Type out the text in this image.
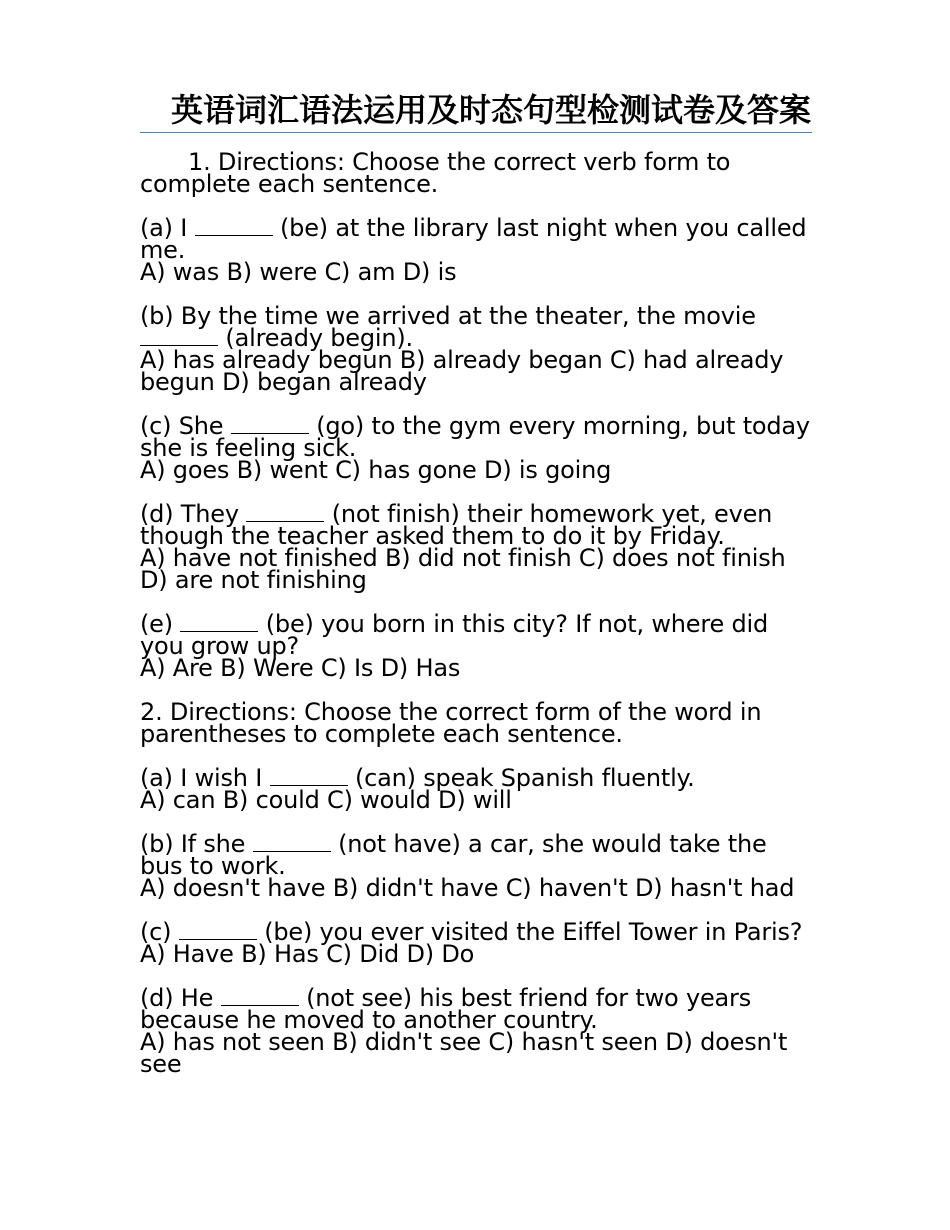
英语词汇语法运用及时态句型检测试卷及答案
1. Directions: Choose the correct verb form to complete each sentence.
(a) I	(be) at the library last night when you called me.
A) was B) were C) am D) is
(b) By the time we arrived at the theater, the movie  (already begin).
A) has already begun B) already began C) had already begun D) began already
(c) She	(go) to the gym every morning, but today she is feeling sick.
A) goes B) went C) has gone D) is going
(d) They	(not finish) their homework yet, even though the teacher asked them to do it by Friday.
A) have not finished B) did not finish C) does not finish D) are not finishing
(e)	(be) you born in this city? If not, where did you grow up?
A) Are B) Were C) Is D) Has
2. Directions: Choose the correct form of the word in parentheses to complete each sentence.
(a) I wish I	(can) speak Spanish fluently.
A) can B) could C) would D) will
(b) If she	(not have) a car, she would take the bus to work.
A) doesn't have B) didn't have C) haven't D) hasn't had
(c)	(be) you ever visited the Eiffel Tower in Paris?
A) Have B) Has C) Did D) Do
(d) He	(not see) his best friend for two years because he moved to another country.
A) has not seen B) didn't see C) hasn't seen D) doesn't see
